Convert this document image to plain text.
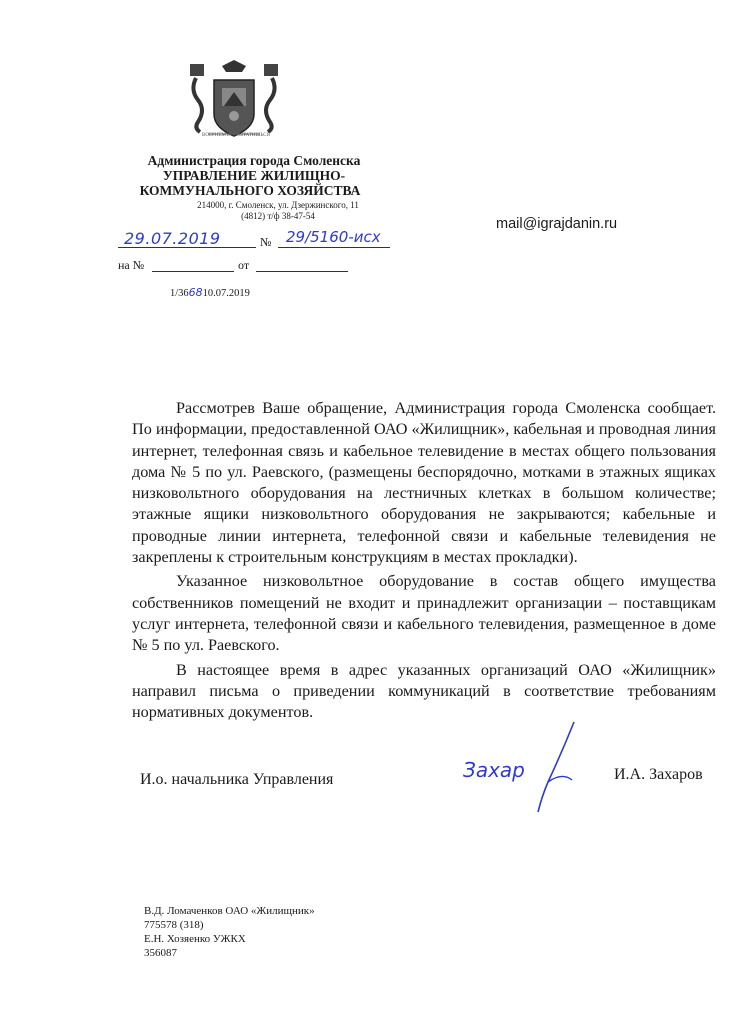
ВОЕРНЕМЪ ВОЗВРАТИШЬСЯ
Администрация города Смоленска
УПРАВЛЕНИЕ ЖИЛИЩНО-
КОММУНАЛЬНОГО ХОЗЯЙСТВА
214000, г. Смоленск, ул. Дзержинского, 11
(4812) т/ф 38-47-54	mail@igrajdanin.ru
29.07.2019	№ 29/5160-исх
на №	от
1/366810.07.2019

Рассмотрев Ваше обращение, Администрация города Смоленска сообщает. По информации, предоставленной ОАО «Жилищник», кабельная и проводная линия интернет, телефонная связь и кабельное телевидение в местах общего пользования дома № 5 по ул. Раевского, (размещены беспорядочно, мотками в этажных ящиках низковольтного оборудования на лестничных клетках в большом количестве; этажные ящики низковольтного оборудования не закрываются; кабельные и проводные линии интернета, телефонной связи и кабельные телевидения не закреплены к строительным конструкциям в местах прокладки).

Указанное низковольтное оборудование в состав общего имущества собственников помещений не входит и принадлежит организации – поставщикам услуг интернета, телефонной связи и кабельного телевидения, размещенное в доме № 5 по ул. Раевского.

В настоящее время в адрес указанных организаций ОАО «Жилищник» направил письма о приведении коммуникаций в соответствие требованиям нормативных документов.

И.о. начальника Управления	Захар	И.А. Захаров
В.Д. Ломаченков ОАО «Жилищник»
775578 (318)
Е.Н. Хозяенко УЖКХ
356087
